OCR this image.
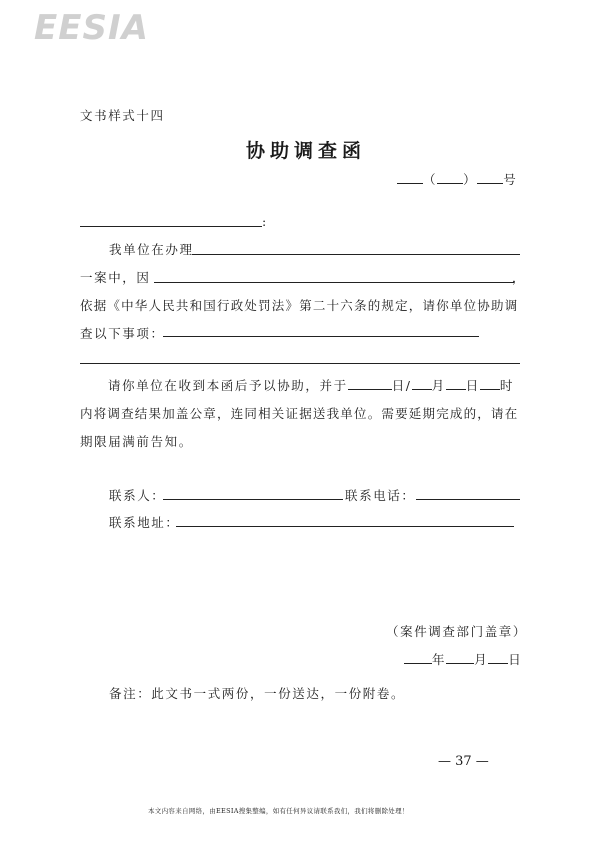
EESIA
文书样式十四
协助调查函
（ ） 号
:
我单位在办理
一案中，因	，
依据《中华人民共和国行政处罚法》第二十六条的规定，请你单位协助调
查以下事项：
请你单位在收到本函后予以协助，并于	日/ 月 日 时
内将调查结果加盖公章，连同相关证据送我单位。需要延期完成的，请在
期限届满前告知。
联系人：	联系电话：
联系地址：
（案件调查部门盖章）
年 月 日
备注：此文书一式两份，一份送达，一份附卷。
— 37 —
本文内容来自网络，由EESIA搜集整编，如有任何异议请联系我们，我们将删除处理！
